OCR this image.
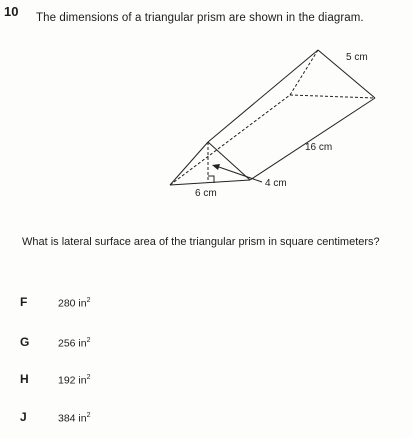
10 The dimensions of a triangular prism are shown in the diagram.
5 cm
16 cm
4 cm
6 cm
What is lateral surface area of the triangular prism in square centimeters?
F	280 $in^2$
G	256 $in^2$
H	192 $in^2$
J	384 $in^2$
